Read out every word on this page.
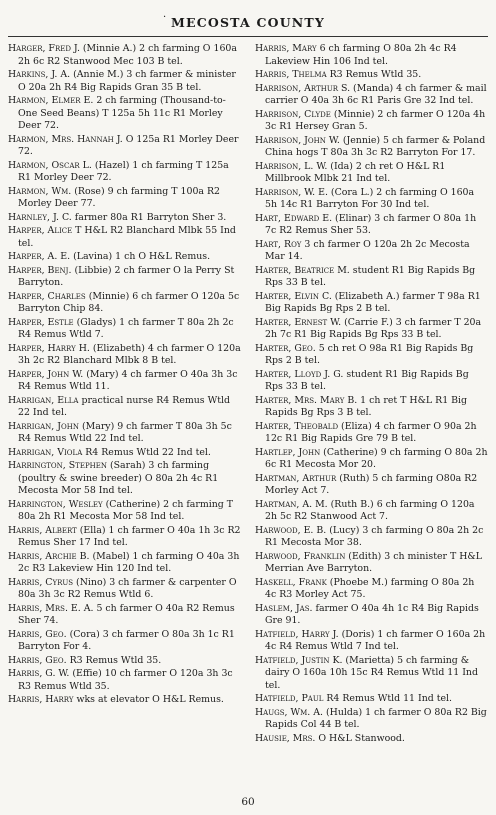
· MECOSTA COUNTY

Harger, Fred J. (Minnie A.) 2 ch farming O 160a 2h 6c R2 Stanwood Mec 103 B tel.

Harkins, J. A. (Annie M.) 3 ch farmer & minister O 20a 2h R4 Big Rapids Gran 35 B tel.

Harmon, Elmer E. 2 ch farming (Thousand-to-One Seed Beans) T 125a 5h 11c R1 Morley Deer 72.

Harmon, Mrs. Hannah J. O 125a R1 Morley Deer 72.

Harmon, Oscar L. (Hazel) 1 ch farming T 125a R1 Morley Deer 72.

Harmon, Wm. (Rose) 9 ch farming T 100a R2 Morley Deer 77.

Harnley, J. C. farmer 80a R1 Barryton Sher 3.

Harper, Alice T H&L R2 Blanchard Mlbk 55 Ind tel.

Harper, A. E. (Lavina) 1 ch O H&L Remus.

Harper, Benj. (Libbie) 2 ch farmer O la Perry St Barryton.

Harper, Charles (Minnie) 6 ch farmer O 120a 5c Barryton Chip 84.

Harper, Estle (Gladys) 1 ch farmer T 80a 2h 2c R4 Remus Wtld 7.

Harper, Harry H. (Elizabeth) 4 ch farmer O 120a 3h 2c R2 Blanchard Mlbk 8 B tel.

Harper, John W. (Mary) 4 ch farmer O 40a 3h 3c R4 Remus Wtld 11.

Harrigan, Ella practical nurse R4 Remus Wtld 22 Ind tel.

Harrigan, John (Mary) 9 ch farmer T 80a 3h 5c R4 Remus Wtld 22 Ind tel.

Harrigan, Viola R4 Remus Wtld 22 Ind tel.

Harrington, Stephen (Sarah) 3 ch farming (poultry & swine breeder) O 80a 2h 4c R1 Mecosta Mor 58 Ind tel.

Harrington, Wesley (Catherine) 2 ch farming T 80a 2h R1 Mecosta Mor 58 Ind tel.

Harris, Albert (Ella) 1 ch farmer O 40a 1h 3c R2 Remus Sher 17 Ind tel.

Harris, Archie B. (Mabel) 1 ch farming O 40a 3h 2c R3 Lakeview Hin 120 Ind tel.

Harris, Cyrus (Nino) 3 ch farmer & carpenter O 80a 3h 3c R2 Remus Wtld 6.

Harris, Mrs. E. A. 5 ch farmer O 40a R2 Remus Sher 74.

Harris, Geo. (Cora) 3 ch farmer O 80a 3h 1c R1 Barryton For 4.

Harris, Geo. R3 Remus Wtld 35.

Harris, G. W. (Effie) 10 ch farmer O 120a 3h 3c R3 Remus Wtld 35.

Harris, Harry wks at elevator O H&L Remus.

Harris, Mary 6 ch farming O 80a 2h 4c R4 Lakeview Hin 106 Ind tel.

Harris, Thelma R3 Remus Wtld 35.

Harrison, Arthur S. (Manda) 4 ch farmer & mail carrier O 40a 3h 6c R1 Paris Gre 32 Ind tel.

Harrison, Clyde (Minnie) 2 ch farmer O 120a 4h 3c R1 Hersey Gran 5.

Harrison, John W. (Jennie) 5 ch farmer & Poland China hogs T 80a 3h 3c R2 Barryton For 17.

Harrison, L. W. (Ida) 2 ch ret O H&L R1 Millbrook Mlbk 21 Ind tel.

Harrison, W. E. (Cora L.) 2 ch farming O 160a 5h 14c R1 Barryton For 30 Ind tel.

Hart, Edward E. (Elinar) 3 ch farmer O 80a 1h 7c R2 Remus Sher 53.

Hart, Roy 3 ch farmer O 120a 2h 2c Mecosta Mar 14.

Harter, Beatrice M. student R1 Big Rapids Bg Rps 33 B tel.

Harter, Elvin C. (Elizabeth A.) farmer T 98a R1 Big Rapids Bg Rps 2 B tel.

Harter, Ernest W. (Carrie F.) 3 ch farmer T 20a 2h 7c R1 Big Rapids Bg Rps 33 B tel.

Harter, Geo. 5 ch ret O 98a R1 Big Rapids Bg Rps 2 B tel.

Harter, Lloyd J. G. student R1 Big Rapids Bg Rps 33 B tel.

Harter, Mrs. Mary B. 1 ch ret T H&L R1 Big Rapids Bg Rps 3 B tel.

Harter, Theobald (Eliza) 4 ch farmer O 90a 2h 12c R1 Big Rapids Gre 79 B tel.

Hartlep, John (Catherine) 9 ch farming O 80a 2h 6c R1 Mecosta Mor 20.

Hartman, Arthur (Ruth) 5 ch farming O80a R2 Morley Act 7.

Hartman, A. M. (Ruth B.) 6 ch farming O 120a 2h 5c R2 Stanwood Act 7.

Harwood, E. B. (Lucy) 3 ch farming O 80a 2h 2c R1 Mecosta Mor 38.

Harwood, Franklin (Edith) 3 ch minister T H&L Merrian Ave Barryton.

Haskell, Frank (Phoebe M.) farming O 80a 2h 4c R3 Morley Act 75.

Haslem, Jas. farmer O 40a 4h 1c R4 Big Rapids Gre 91.

Hatfield, Harry J. (Doris) 1 ch farmer O 160a 2h 4c R4 Remus Wtld 7 Ind tel.

Hatfield, Justin K. (Marietta) 5 ch farming & dairy O 160a 10h 15c R4 Remus Wtld 11 Ind tel.

Hatfield, Paul R4 Remus Wtld 11 Ind tel.

Haugs, Wm. A. (Hulda) 1 ch farmer O 80a R2 Big Rapids Col 44 B tel.

Hausie, Mrs. O H&L Stanwood.

60
